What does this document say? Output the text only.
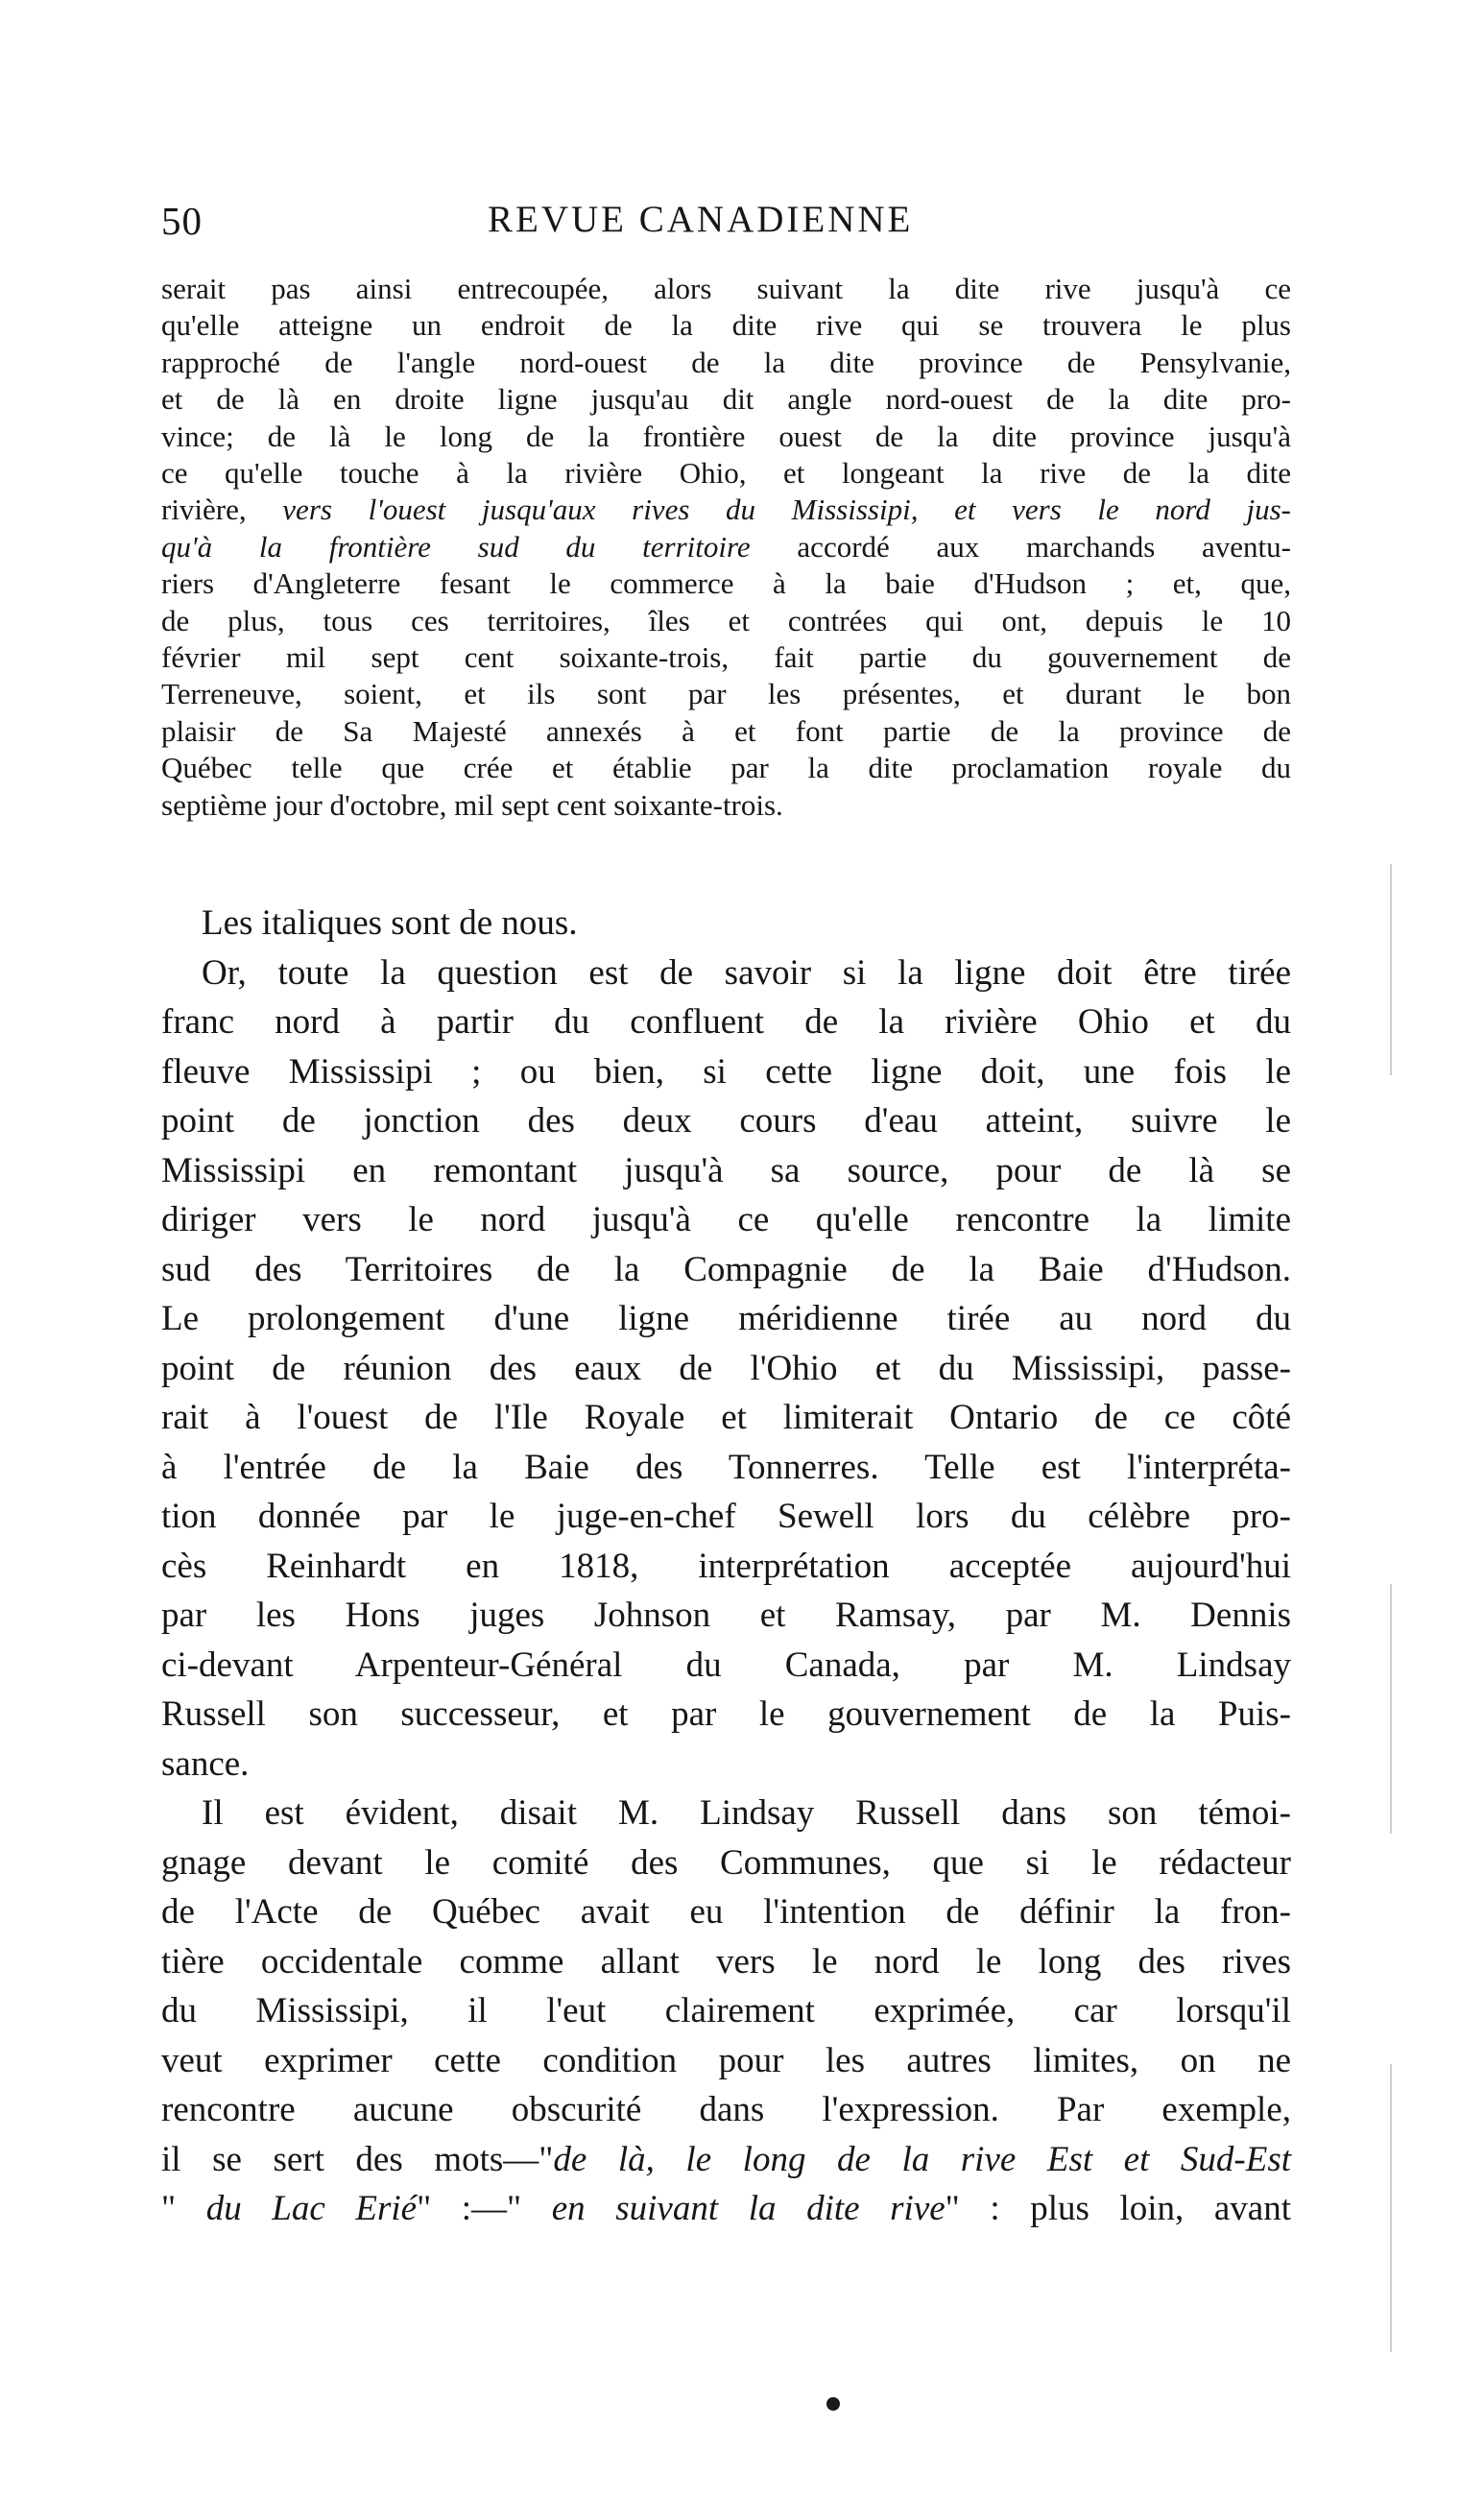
50	REVUE CANADIENNE
serait pas ainsi entrecoupée, alors suivant la dite rive jusqu'à ce
qu'elle atteigne un endroit de la dite rive qui se trouvera le plus
rapproché de l'angle nord-ouest de la dite province de Pensylvanie,
et de là en droite ligne jusqu'au dit angle nord-ouest de la dite pro-
vince; de là le long de la frontière ouest de la dite province jusqu'à
ce qu'elle touche à la rivière Ohio, et longeant la rive de la dite
rivière, vers l'ouest jusqu'aux rives du Mississipi, et vers le nord jus-
qu'à la frontière sud du territoire accordé aux marchands aventu-
riers d'Angleterre fesant le commerce à la baie d'Hudson ; et, que,
de plus, tous ces territoires, îles et contrées qui ont, depuis le 10
février mil sept cent soixante-trois, fait partie du gouvernement de
Terreneuve, soient, et ils sont par les présentes, et durant le bon
plaisir de Sa Majesté annexés à et font partie de la province de
Québec telle que crée et établie par la dite proclamation royale du
septième jour d'octobre, mil sept cent soixante-trois.
Les italiques sont de nous.
Or, toute la question est de savoir si la ligne doit être tirée
franc nord à partir du confluent de la rivière Ohio et du
fleuve Mississipi ; ou bien, si cette ligne doit, une fois le
point de jonction des deux cours d'eau atteint, suivre le
Mississipi en remontant jusqu'à sa source, pour de là se
diriger vers le nord jusqu'à ce qu'elle rencontre la limite
sud des Territoires de la Compagnie de la Baie d'Hudson.
Le prolongement d'une ligne méridienne tirée au nord du
point de réunion des eaux de l'Ohio et du Mississipi, passe-
rait à l'ouest de l'Ile Royale et limiterait Ontario de ce côté
à l'entrée de la Baie des Tonnerres. Telle est l'interpréta-
tion donnée par le juge-en-chef Sewell lors du célèbre pro-
cès Reinhardt en 1818, interprétation acceptée aujourd'hui
par les Hons juges Johnson et Ramsay, par M. Dennis
ci-devant Arpenteur-Général du Canada, par M. Lindsay
Russell son successeur, et par le gouvernement de la Puis-
sance.
Il est évident, disait M. Lindsay Russell dans son témoi-
gnage devant le comité des Communes, que si le rédacteur
de l'Acte de Québec avait eu l'intention de définir la fron-
tière occidentale comme allant vers le nord le long des rives
du Mississipi, il l'eut clairement exprimée, car lorsqu'il
veut exprimer cette condition pour les autres limites, on ne
rencontre aucune obscurité dans l'expression. Par exemple,
il se sert des mots—"de là, le long de la rive Est et Sud-Est
" du Lac Erié" :—" en suivant la dite rive" : plus loin, avant
